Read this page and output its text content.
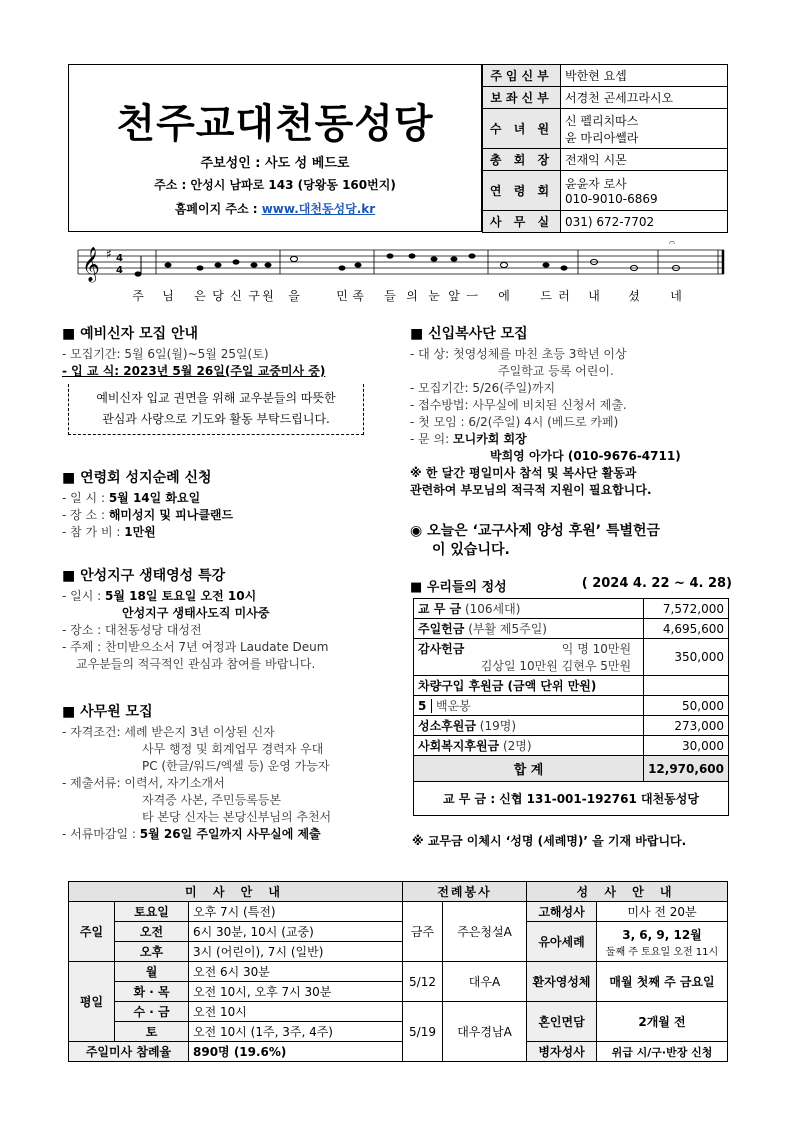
천주교대천동성당
주보성인 : 사도 성 베드로
주소 : 안성시 남파로 143 (당왕동 160번지)
홈페이지 주소 : www.대천동성당.kr
주임신부	박한현 요셉
보좌신부	서경천 곤세끄라시오
수 녀 원	신 펠리치따스
윤 마리아쎌라

총 회 장	전재익 시몬
연 령 회	윤윤자 로사
010-9010-6869

사 무 실	031) 672-7702
𝄞 ♯ 4
4
𝄐
주 님 은 당 신 구 원 을	민 족 들 의 눈 앞 ㅡ 에	드 러 내 셨	네
■ 예비신자 모집 안내
- 모집기간: 5월 6일(월)~5월 25일(토)
- 입 교 식: 2023년 5월 26일(주일 교중미사 중)
예비신자 입교 권면을 위해 교우분들의 따뜻한
관심과 사랑으로 기도와 활동 부탁드립니다.
■ 연령회 성지순례 신청
- 일 시 : 5월 14일 화요일
- 장 소 : 해미성지 및 피나클랜드
- 참 가 비 : 1만원
■ 안성지구 생태영성 특강
- 일시 : 5월 18일 토요일 오전 10시
안성지구 생태사도직 미사중
- 장소 : 대천동성당 대성전
- 주제 : 찬미받으소서 7년 여정과 Laudate Deum
교우분들의 적극적인 관심과 참여를 바랍니다.
■ 사무원 모집
- 자격조건: 세례 받은지 3년 이상된 신자
사무 행정 및 회계업무 경력자 우대
PC (한글/워드/엑셀 등) 운영 가능자
- 제출서류: 이력서, 자기소개서
자격증 사본, 주민등록등본
타 본당 신자는 본당신부님의 추천서
- 서류마감일 : 5월 26일 주일까지 사무실에 제출
■ 신입복사단 모집
- 대 상: 첫영성체를 마친 초등 3학년 이상
주일학교 등록 어린이.
- 모집기간: 5/26(주일)까지
- 접수방법: 사무실에 비치된 신청서 제출.
- 첫 모임 : 6/2(주일) 4시 (베드로 카페)
- 문 의: 모니카회 회장
박희영 아가다 (010-9676-4711)
※ 한 달간 평일미사 참석 및 복사단 활동과
관련하여 부모님의 적극적 지원이 필요합니다.
◉ 오늘은 ‘교구사제 양성 후원’ 특별헌금
이 있습니다.
■ 우리들의 정성	( 2024 4. 22 ~ 4. 28)
교 무 금 (106세대)	7,572,000
주일헌금 (부활 제5주일)	4,695,600

감사헌금 익 명 10만원
김상일 10만원 김현우 5만원	350,000
차량구입 후원금 (금액 단위 만원)	
5 백운봉	50,000
성소후원금 (19명)	273,000
사회복지후원금 (2명)	30,000
합 계	12,970,600
교 무 금 : 신협 131-001-192761 대천동성당	
※ 교무금 이체시 ‘성명 (세례명)’ 을 기재 바랍니다.
미 사 안 내			전례봉사		성 사 안 내	
주일	토요일	오후 7시 (특전)	금주	주은청설A	고해성사	미사 전 20분
	오전	6시 30분, 10시 (교중)			유아세례	3, 6, 9, 12월
둘째 주 토요일 오전 11시

	오후	3시 (어린이), 7시 (일반)				
평일	월	오전 6시 30분	5/12	대우A	환자영성체	매월 첫째 주 금요일
	화 · 목	오전 10시, 오후 7시 30분				
	수 · 금	오전 10시	5/19	대우경남A	혼인면담	2개월 전
	토	오전 10시 (1주, 3주, 4주)				
주일미사 참례율		890명 (19.6%)			병자성사	위급 시/구·반장 신청
